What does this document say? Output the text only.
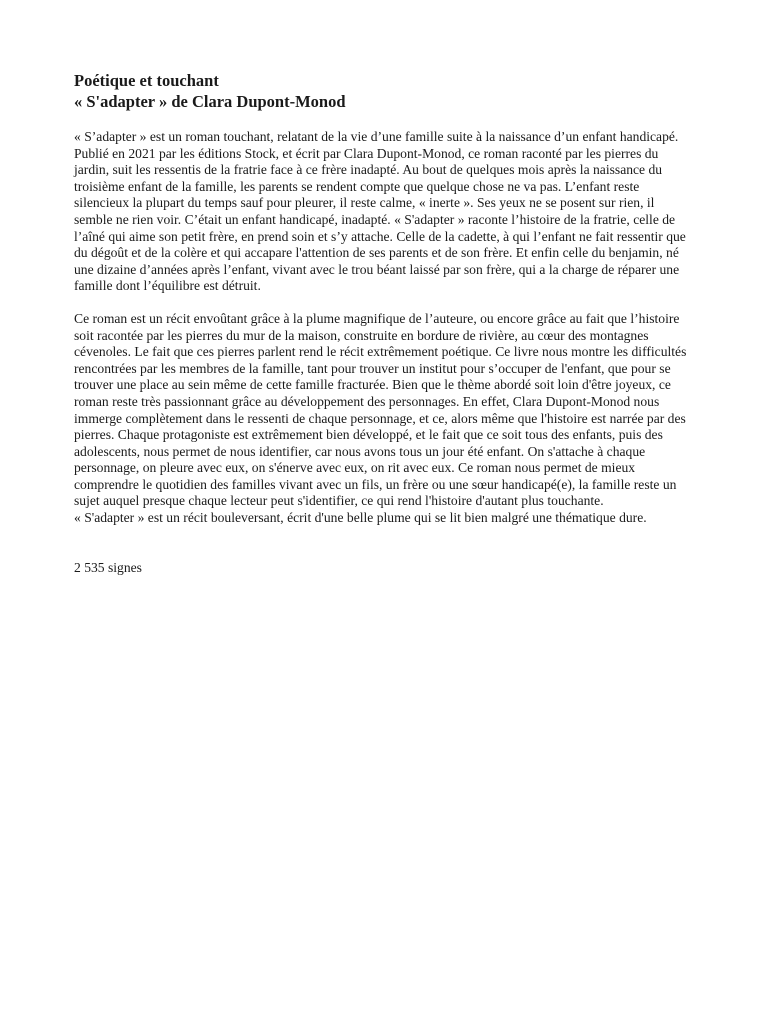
Poétique et touchant
« S'adapter » de Clara Dupont-Monod

« S’adapter » est un roman touchant, relatant de la vie d’une famille suite à la naissance d’un enfant handicapé. Publié en 2021 par les éditions Stock, et écrit par Clara Dupont-Monod, ce roman raconté par les pierres du jardin, suit les ressentis de la fratrie face à ce frère inadapté. Au bout de quelques mois après la naissance du troisième enfant de la famille, les parents se rendent compte que quelque chose ne va pas. L’enfant reste silencieux la plupart du temps sauf pour pleurer, il reste calme, « inerte ». Ses yeux ne se posent sur rien, il semble ne rien voir. C’était un enfant handicapé, inadapté. « S'adapter » raconte l’histoire de la fratrie, celle de l’aîné qui aime son petit frère, en prend soin et s’y attache. Celle de la cadette, à qui l’enfant ne fait ressentir que du dégoût et de la colère et qui accapare l'attention de ses parents et de son frère. Et enfin celle du benjamin, né une dizaine d’années après l’enfant, vivant avec le trou béant laissé par son frère, qui a la charge de réparer une famille dont l’équilibre est détruit.

Ce roman est un récit envoûtant grâce à la plume magnifique de l’auteure, ou encore grâce au fait que l’histoire soit racontée par les pierres du mur de la maison, construite en bordure de rivière, au cœur des montagnes cévenoles. Le fait que ces pierres parlent rend le récit extrêmement poétique. Ce livre nous montre les difficultés rencontrées par les membres de la famille, tant pour trouver un institut pour s’occuper de l'enfant, que pour se trouver une place au sein même de cette famille fracturée. Bien que le thème abordé soit loin d'être joyeux, ce roman reste très passionnant grâce au développement des personnages. En effet, Clara Dupont-Monod nous immerge complètement dans le ressenti de chaque personnage, et ce, alors même que l'histoire est narrée par des pierres. Chaque protagoniste est extrêmement bien développé, et le fait que ce soit tous des enfants, puis des adolescents, nous permet de nous identifier, car nous avons tous un jour été enfant. On s'attache à chaque personnage, on pleure avec eux, on s'énerve avec eux, on rit avec eux. Ce roman nous permet de mieux comprendre le quotidien des familles vivant avec un fils, un frère ou une sœur handicapé(e), la famille reste un sujet auquel presque chaque lecteur peut s'identifier, ce qui rend l'histoire d'autant plus touchante.

« S'adapter » est un récit bouleversant, écrit d'une belle plume qui se lit bien malgré une thématique dure.

2 535 signes
